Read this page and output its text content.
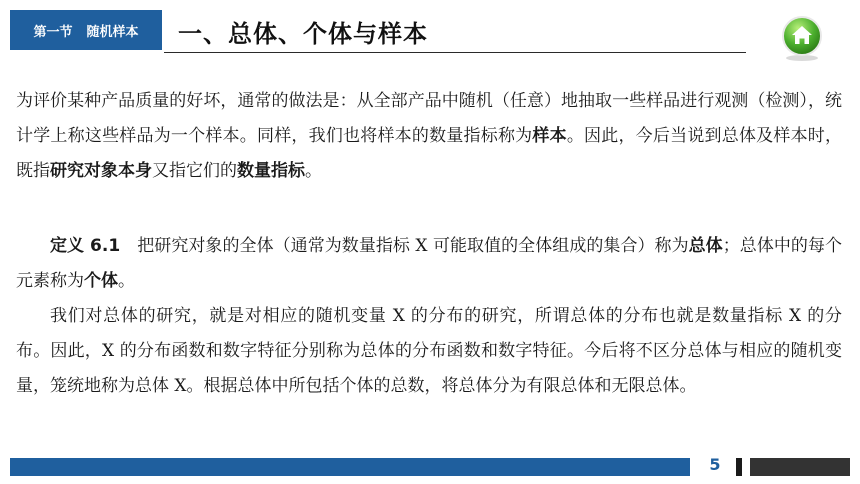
第一节 随机样本 一、总体、个体与样本

为评价某种产品质量的好坏，通常的做法是：从全部产品中随机（任意）地抽取一些样品进行观测（检测），统计学上称这些样品为一个样本。同样，我们也将样本的数量指标称为样本。因此，今后当说到总体及样本时，既指研究对象本身又指它们的数量指标。

定义 6.1　把研究对象的全体（通常为数量指标 X 可能取值的全体组成的集合）称为总体；总体中的每个元素称为个体。

我们对总体的研究，就是对相应的随机变量 X 的分布的研究，所谓总体的分布也就是数量指标 X 的分布。因此，X 的分布函数和数字特征分别称为总体的分布函数和数字特征。今后将不区分总体与相应的随机变量，笼统地称为总体 X。根据总体中所包括个体的总数，将总体分为有限总体和无限总体。

5
